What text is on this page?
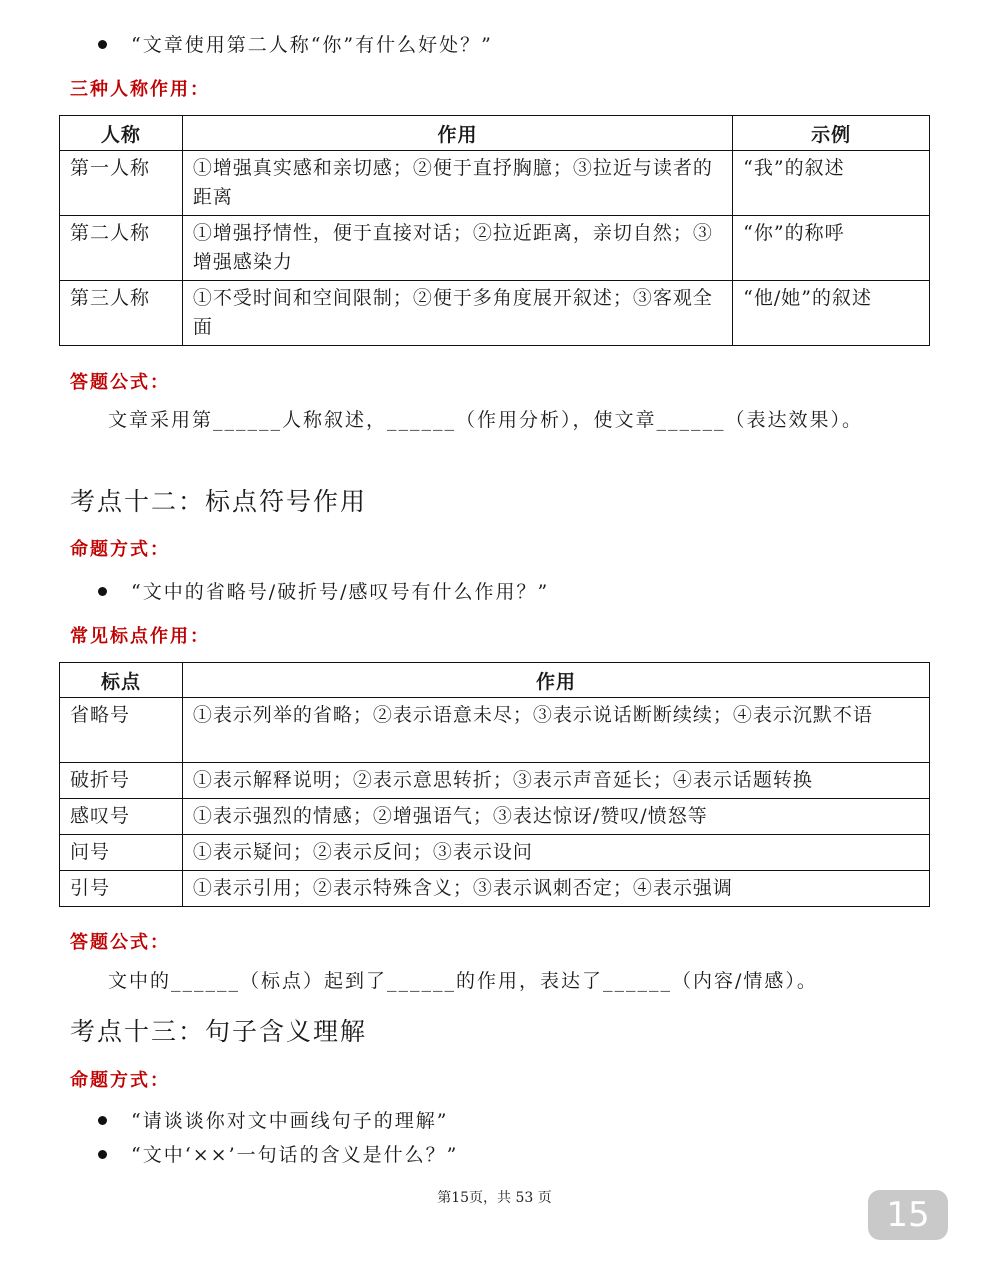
“文章使用第二人称“你”有什么好处？”
三种人称作用：
人称	作用	示例
第一人称	①增强真实感和亲切感；②便于直抒胸臆；③拉近与读者的距离	“我”的叙述
第二人称	①增强抒情性，便于直接对话；②拉近距离，亲切自然；③增强感染力	“你”的称呼
第三人称	①不受时间和空间限制；②便于多角度展开叙述；③客观全面	“他/她”的叙述
答题公式：
文章采用第______人称叙述，______（作用分析），使文章______（表达效果）。
考点十二：标点符号作用
命题方式：
“文中的省略号/破折号/感叹号有什么作用？”
常见标点作用：
标点	作用
省略号	①表示列举的省略；②表示语意未尽；③表示说话断断续续；④表示沉默不语
破折号	①表示解释说明；②表示意思转折；③表示声音延长；④表示话题转换
感叹号	①表示强烈的情感；②增强语气；③表达惊讶/赞叹/愤怒等
问号	①表示疑问；②表示反问；③表示设问
引号	①表示引用；②表示特殊含义；③表示讽刺否定；④表示强调
答题公式：
文中的______（标点）起到了______的作用，表达了______（内容/情感）。
考点十三：句子含义理解
命题方式：
“请谈谈你对文中画线句子的理解”
“文中‘××’一句话的含义是什么？”
第15页，共 53 页	15
